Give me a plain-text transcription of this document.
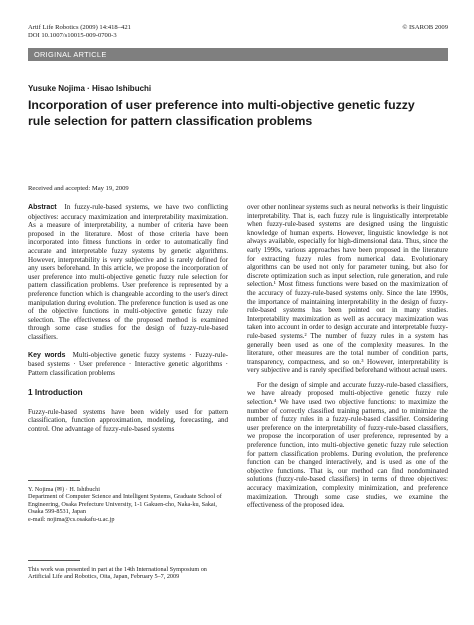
Artif Life Robotics (2009) 14:418–421
DOI 10.1007/s10015-009-0700-3
© ISAROB 2009
ORIGINAL ARTICLE
Yusuke Nojima · Hisao Ishibuchi
Incorporation of user preference into multi-objective genetic fuzzy rule selection for pattern classification problems
Received and accepted: May 19, 2009

Abstract In fuzzy-rule-based systems, we have two conflicting objectives: accuracy maximization and interpretability maximization. As a measure of interpretability, a number of criteria have been proposed in the literature. Most of those criteria have been incorporated into fitness functions in order to automatically find accurate and interpretable fuzzy systems by genetic algorithms. However, interpretability is very subjective and is rarely defined for any users beforehand. In this article, we propose the incorporation of user preference into multi-objective genetic fuzzy rule selection for pattern classification problems. User preference is represented by a preference function which is changeable according to the user's direct manipulation during evolution. The preference function is used as one of the objective functions in multi-objective genetic fuzzy rule selection. The effectiveness of the proposed method is examined through some case studies for the design of fuzzy-rule-based classifiers.

Key words Multi-objective genetic fuzzy systems · Fuzzy-rule-based systems · User preference · Interactive genetic algorithms · Pattern classification problems

1 Introduction

Fuzzy-rule-based systems have been widely used for pattern classification, function approximation, modeling, forecasting, and control. One advantage of fuzzy-rule-based systems

Y. Nojima (✉) · H. Ishibuchi
Department of Computer Science and Intelligent Systems, Graduate School of Engineering, Osaka Prefecture University, 1-1 Gakuen-cho, Naka-ku, Sakai, Osaka 599-8531, Japan
e-mail: nojima@cs.osakafu-u.ac.jp
This work was presented in part at the 14th International Symposium on Artificial Life and Robotics, Oita, Japan, February 5–7, 2009

over other nonlinear systems such as neural networks is their linguistic interpretability. That is, each fuzzy rule is linguistically interpretable when fuzzy-rule-based systems are designed using the linguistic knowledge of human experts. However, linguistic knowledge is not always available, especially for high-dimensional data. Thus, since the early 1990s, various approaches have been proposed in the literature for extracting fuzzy rules from numerical data. Evolutionary algorithms can be used not only for parameter tuning, but also for discrete optimization such as input selection, rule generation, and rule selection.¹ Most fitness functions were based on the maximization of the accuracy of fuzzy-rule-based systems only. Since the late 1990s, the importance of maintaining interpretability in the design of fuzzy-rule-based systems has been pointed out in many studies. Interpretability maximization as well as accuracy maximization was taken into account in order to design accurate and interpretable fuzzy-rule-based systems.² The number of fuzzy rules in a system has generally been used as one of the complexity measures. In the literature, other measures are the total number of condition parts, transparency, compactness, and so on.³ However, interpretability is very subjective and is rarely specified beforehand without actual users.

For the design of simple and accurate fuzzy-rule-based classifiers, we have already proposed multi-objective genetic fuzzy rule selection.⁴ We have used two objective functions: to maximize the number of correctly classified training patterns, and to minimize the number of fuzzy rules in a fuzzy-rule-based classifier. Considering user preference on the interpretability of fuzzy-rule-based classifiers, we propose the incorporation of user preference, represented by a preference function, into multi-objective genetic fuzzy rule selection for pattern classification problems. During evolution, the preference function can be changed interactively, and is used as one of the objective functions. That is, our method can find nondominated solutions (fuzzy-rule-based classifiers) in terms of three objectives: accuracy maximization, complexity minimization, and preference maximization. Through some case studies, we examine the effectiveness of the proposed idea.
